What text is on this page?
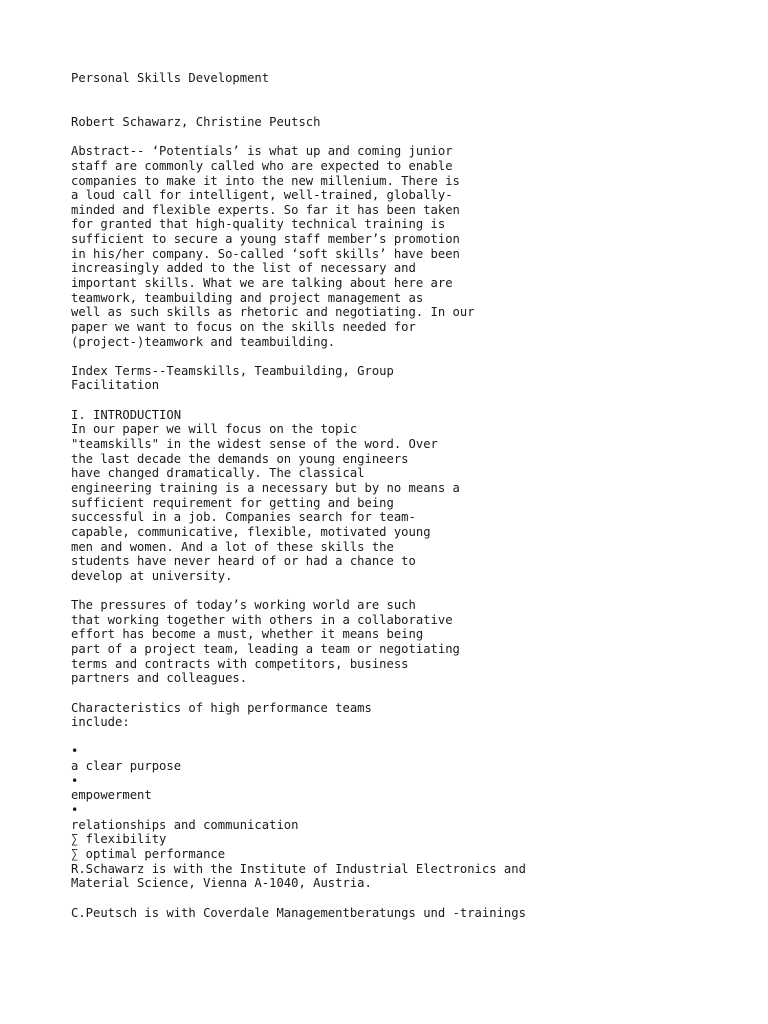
Personal Skills Development
Robert Schawarz, Christine Peutsch
Abstract-- ‘Potentials’ is what up and coming junior
staff are commonly called who are expected to enable
companies to make it into the new millenium. There is
a loud call for intelligent, well-trained, globally-
minded and flexible experts. So far it has been taken
for granted that high-quality technical training is
sufficient to secure a young staff member’s promotion
in his/her company. So-called ‘soft skills’ have been
increasingly added to the list of necessary and
important skills. What we are talking about here are
teamwork, teambuilding and project management as
well as such skills as rhetoric and negotiating. In our
paper we want to focus on the skills needed for
(project-)teamwork and teambuilding.
Index Terms--Teamskills, Teambuilding, Group
Facilitation
I. INTRODUCTION
In our paper we will focus on the topic
"teamskills" in the widest sense of the word. Over
the last decade the demands on young engineers
have changed dramatically. The classical
engineering training is a necessary but by no means a
sufficient requirement for getting and being
successful in a job. Companies search for team-
capable, communicative, flexible, motivated young
men and women. And a lot of these skills the
students have never heard of or had a chance to
develop at university.
The pressures of today’s working world are such
that working together with others in a collaborative
effort has become a must, whether it means being
part of a project team, leading a team or negotiating
terms and contracts with competitors, business
partners and colleagues.
Characteristics of high performance teams
include:
•
a clear purpose
•
empowerment
•
relationships and communication
∑ flexibility
∑ optimal performance
R.Schawarz is with the Institute of Industrial Electronics and
Material Science, Vienna A-1040, Austria.
C.Peutsch is with Coverdale Managementberatungs und -trainings
